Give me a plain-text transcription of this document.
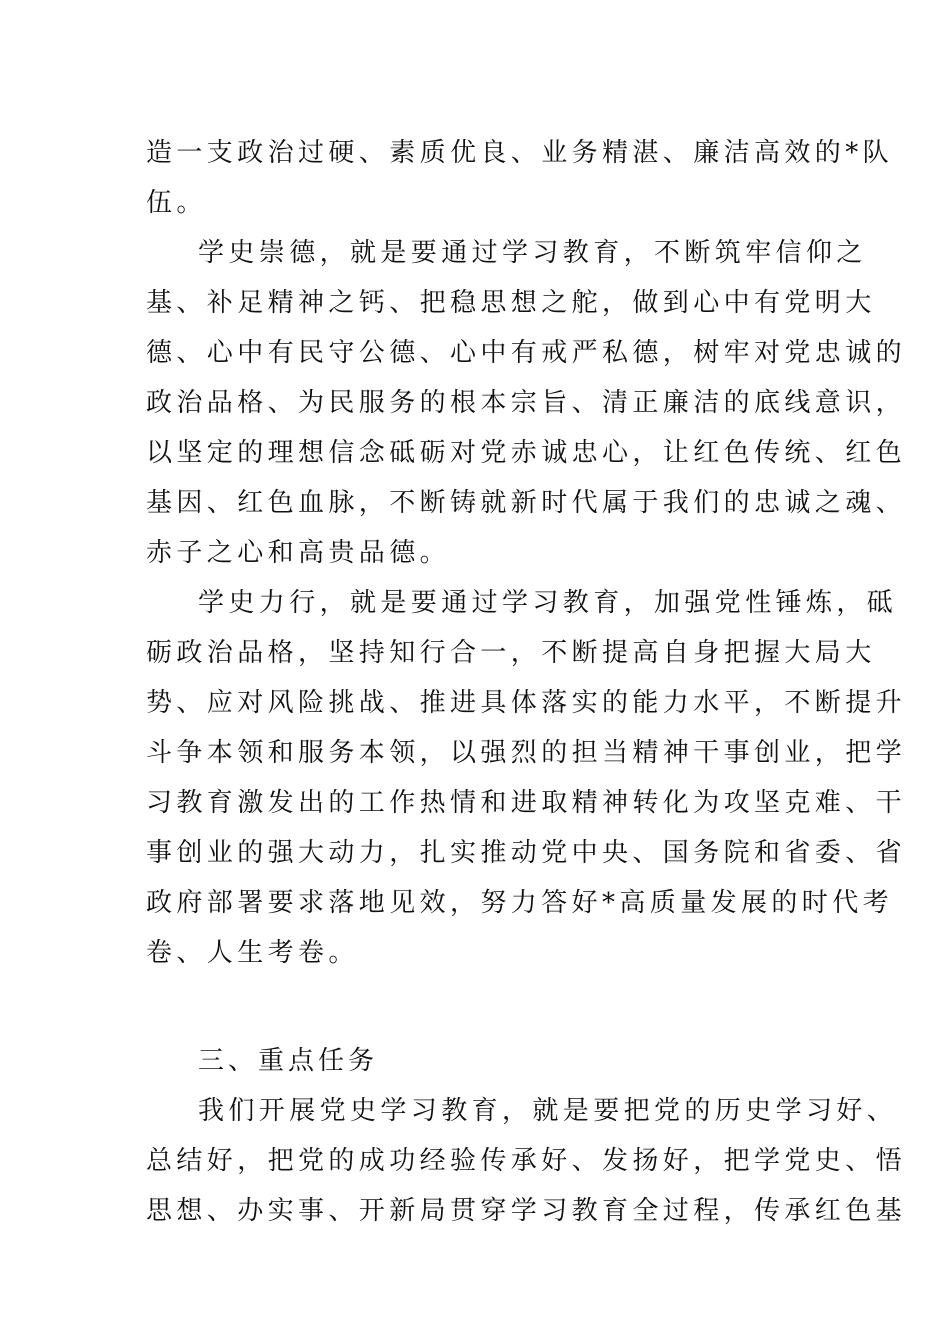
造一支政治过硬、素质优良、业务精湛、廉洁高效的*队
伍。

学史崇德，就是要通过学习教育，不断筑牢信仰之
基、补足精神之钙、把稳思想之舵，做到心中有党明大
德、心中有民守公德、心中有戒严私德，树牢对党忠诚的
政治品格、为民服务的根本宗旨、清正廉洁的底线意识，
以坚定的理想信念砥砺对党赤诚忠心，让红色传统、红色
基因、红色血脉，不断铸就新时代属于我们的忠诚之魂、
赤子之心和高贵品德。

学史力行，就是要通过学习教育，加强党性锤炼，砥
砺政治品格，坚持知行合一，不断提高自身把握大局大
势、应对风险挑战、推进具体落实的能力水平，不断提升
斗争本领和服务本领，以强烈的担当精神干事创业，把学
习教育激发出的工作热情和进取精神转化为攻坚克难、干
事创业的强大动力，扎实推动党中央、国务院和省委、省
政府部署要求落地见效，努力答好*高质量发展的时代考
卷、人生考卷。

三、重点任务

我们开展党史学习教育，就是要把党的历史学习好、
总结好，把党的成功经验传承好、发扬好，把学党史、悟
思想、办实事、开新局贯穿学习教育全过程，传承红色基
